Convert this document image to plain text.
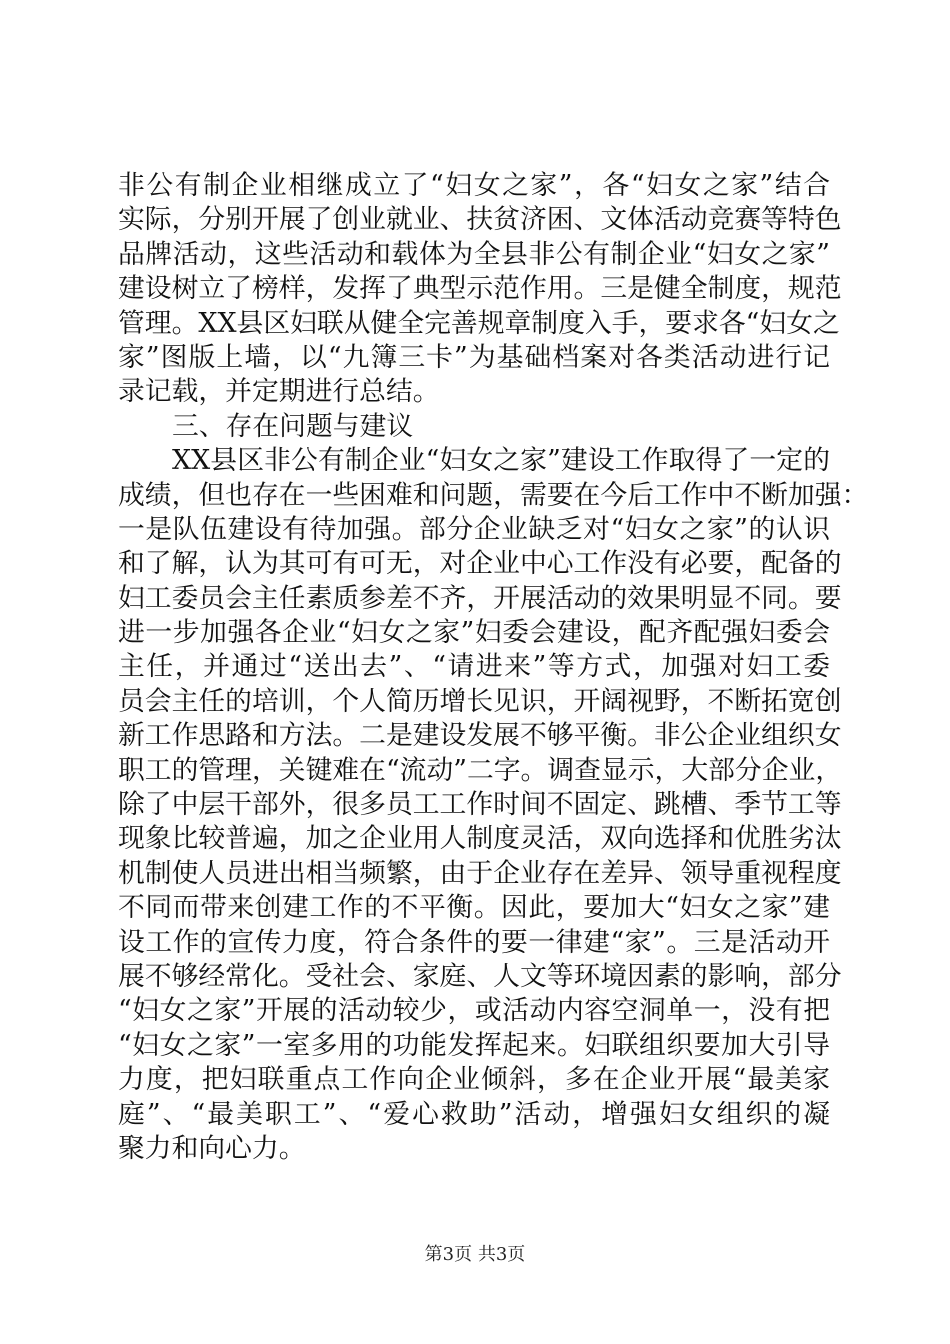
非公有制企业相继成立了“妇女之家”，各“妇女之家”结合
实际，分别开展了创业就业、扶贫济困、文体活动竞赛等特色
品牌活动，这些活动和载体为全县非公有制企业“妇女之家”
建设树立了榜样，发挥了典型示范作用。三是健全制度，规范
管理。XX县区妇联从健全完善规章制度入手，要求各“妇女之
家”图版上墙，以“九簿三卡”为基础档案对各类活动进行记
录记载，并定期进行总结。
三、存在问题与建议
XX县区非公有制企业“妇女之家”建设工作取得了一定的
成绩，但也存在一些困难和问题，需要在今后工作中不断加强：
一是队伍建设有待加强。部分企业缺乏对“妇女之家”的认识
和了解，认为其可有可无，对企业中心工作没有必要，配备的
妇工委员会主任素质参差不齐，开展活动的效果明显不同。要
进一步加强各企业“妇女之家”妇委会建设，配齐配强妇委会
主任，并通过“送出去”、“请进来”等方式，加强对妇工委
员会主任的培训，个人简历增长见识，开阔视野，不断拓宽创
新工作思路和方法。二是建设发展不够平衡。非公企业组织女
职工的管理，关键难在“流动”二字。调查显示，大部分企业，
除了中层干部外，很多员工工作时间不固定、跳槽、季节工等
现象比较普遍，加之企业用人制度灵活，双向选择和优胜劣汰
机制使人员进出相当频繁，由于企业存在差异、领导重视程度
不同而带来创建工作的不平衡。因此，要加大“妇女之家”建
设工作的宣传力度，符合条件的要一律建“家”。三是活动开
展不够经常化。受社会、家庭、人文等环境因素的影响，部分
“妇女之家”开展的活动较少，或活动内容空洞单一，没有把
“妇女之家”一室多用的功能发挥起来。妇联组织要加大引导
力度，把妇联重点工作向企业倾斜，多在企业开展“最美家
庭”、“最美职工”、“爱心救助”活动，增强妇女组织的凝
聚力和向心力。
第3页 共3页
